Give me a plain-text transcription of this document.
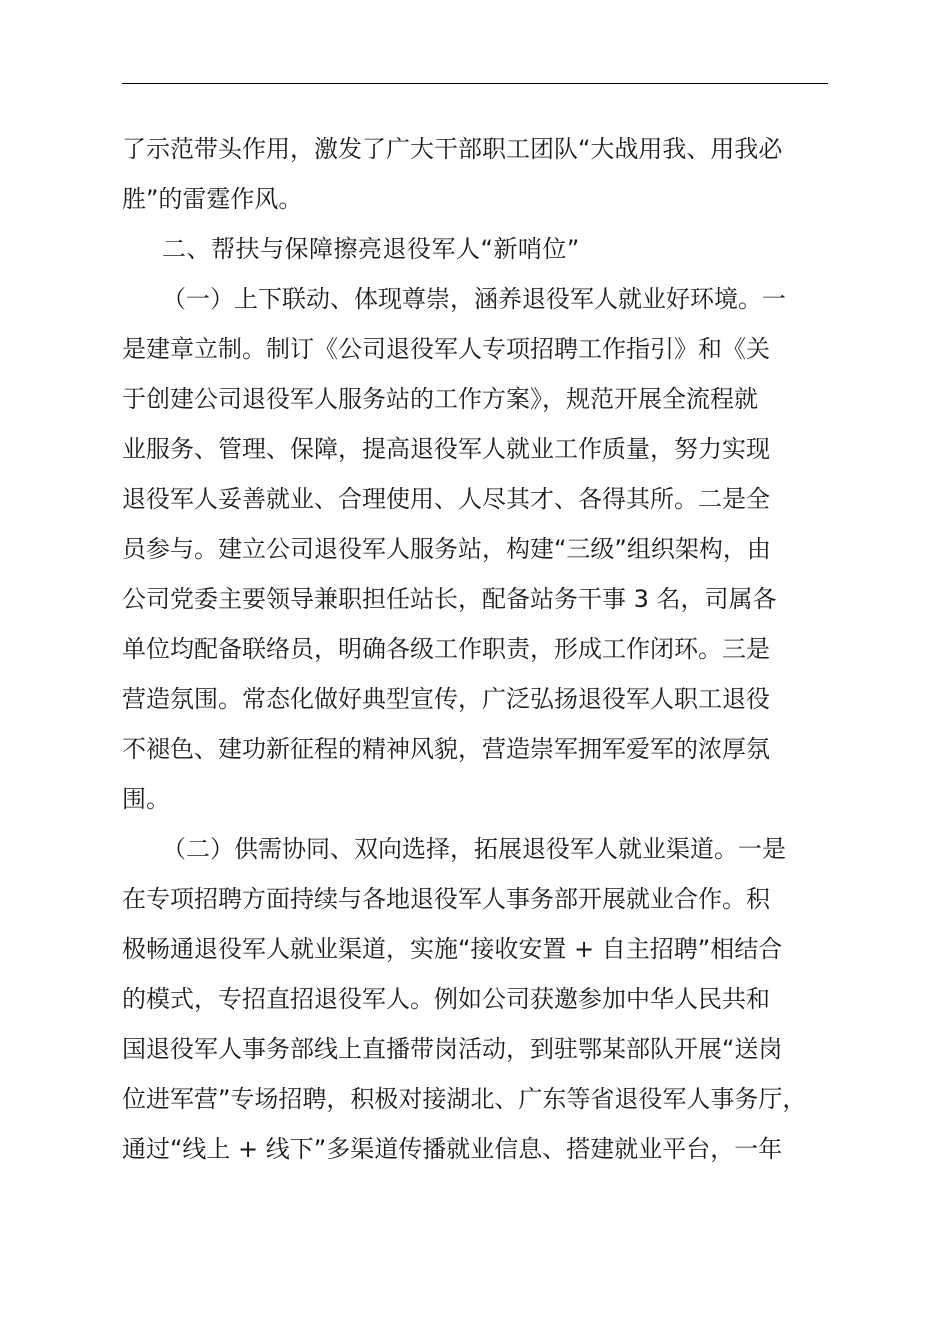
了示范带头作用，激发了广大干部职工团队“大战用我、用我必
胜”的雷霆作风。
二、帮扶与保障擦亮退役军人“新哨位”
（一）上下联动、体现尊崇，涵养退役军人就业好环境。一
是建章立制。制订《公司退役军人专项招聘工作指引》和《关
于创建公司退役军人服务站的工作方案》，规范开展全流程就
业服务、管理、保障，提高退役军人就业工作质量，努力实现
退役军人妥善就业、合理使用、人尽其才、各得其所。二是全
员参与。建立公司退役军人服务站，构建“三级”组织架构，由
公司党委主要领导兼职担任站长，配备站务干事 3 名，司属各
单位均配备联络员，明确各级工作职责，形成工作闭环。三是
营造氛围。常态化做好典型宣传，广泛弘扬退役军人职工退役
不褪色、建功新征程的精神风貌，营造崇军拥军爱军的浓厚氛
围。
（二）供需协同、双向选择，拓展退役军人就业渠道。一是
在专项招聘方面持续与各地退役军人事务部开展就业合作。积
极畅通退役军人就业渠道，实施“接收安置 + 自主招聘”相结合
的模式，专招直招退役军人。例如公司获邀参加中华人民共和
国退役军人事务部线上直播带岗活动，到驻鄂某部队开展“送岗
位进军营”专场招聘，积极对接湖北、广东等省退役军人事务厅，
通过“线上 + 线下”多渠道传播就业信息、搭建就业平台，一年
